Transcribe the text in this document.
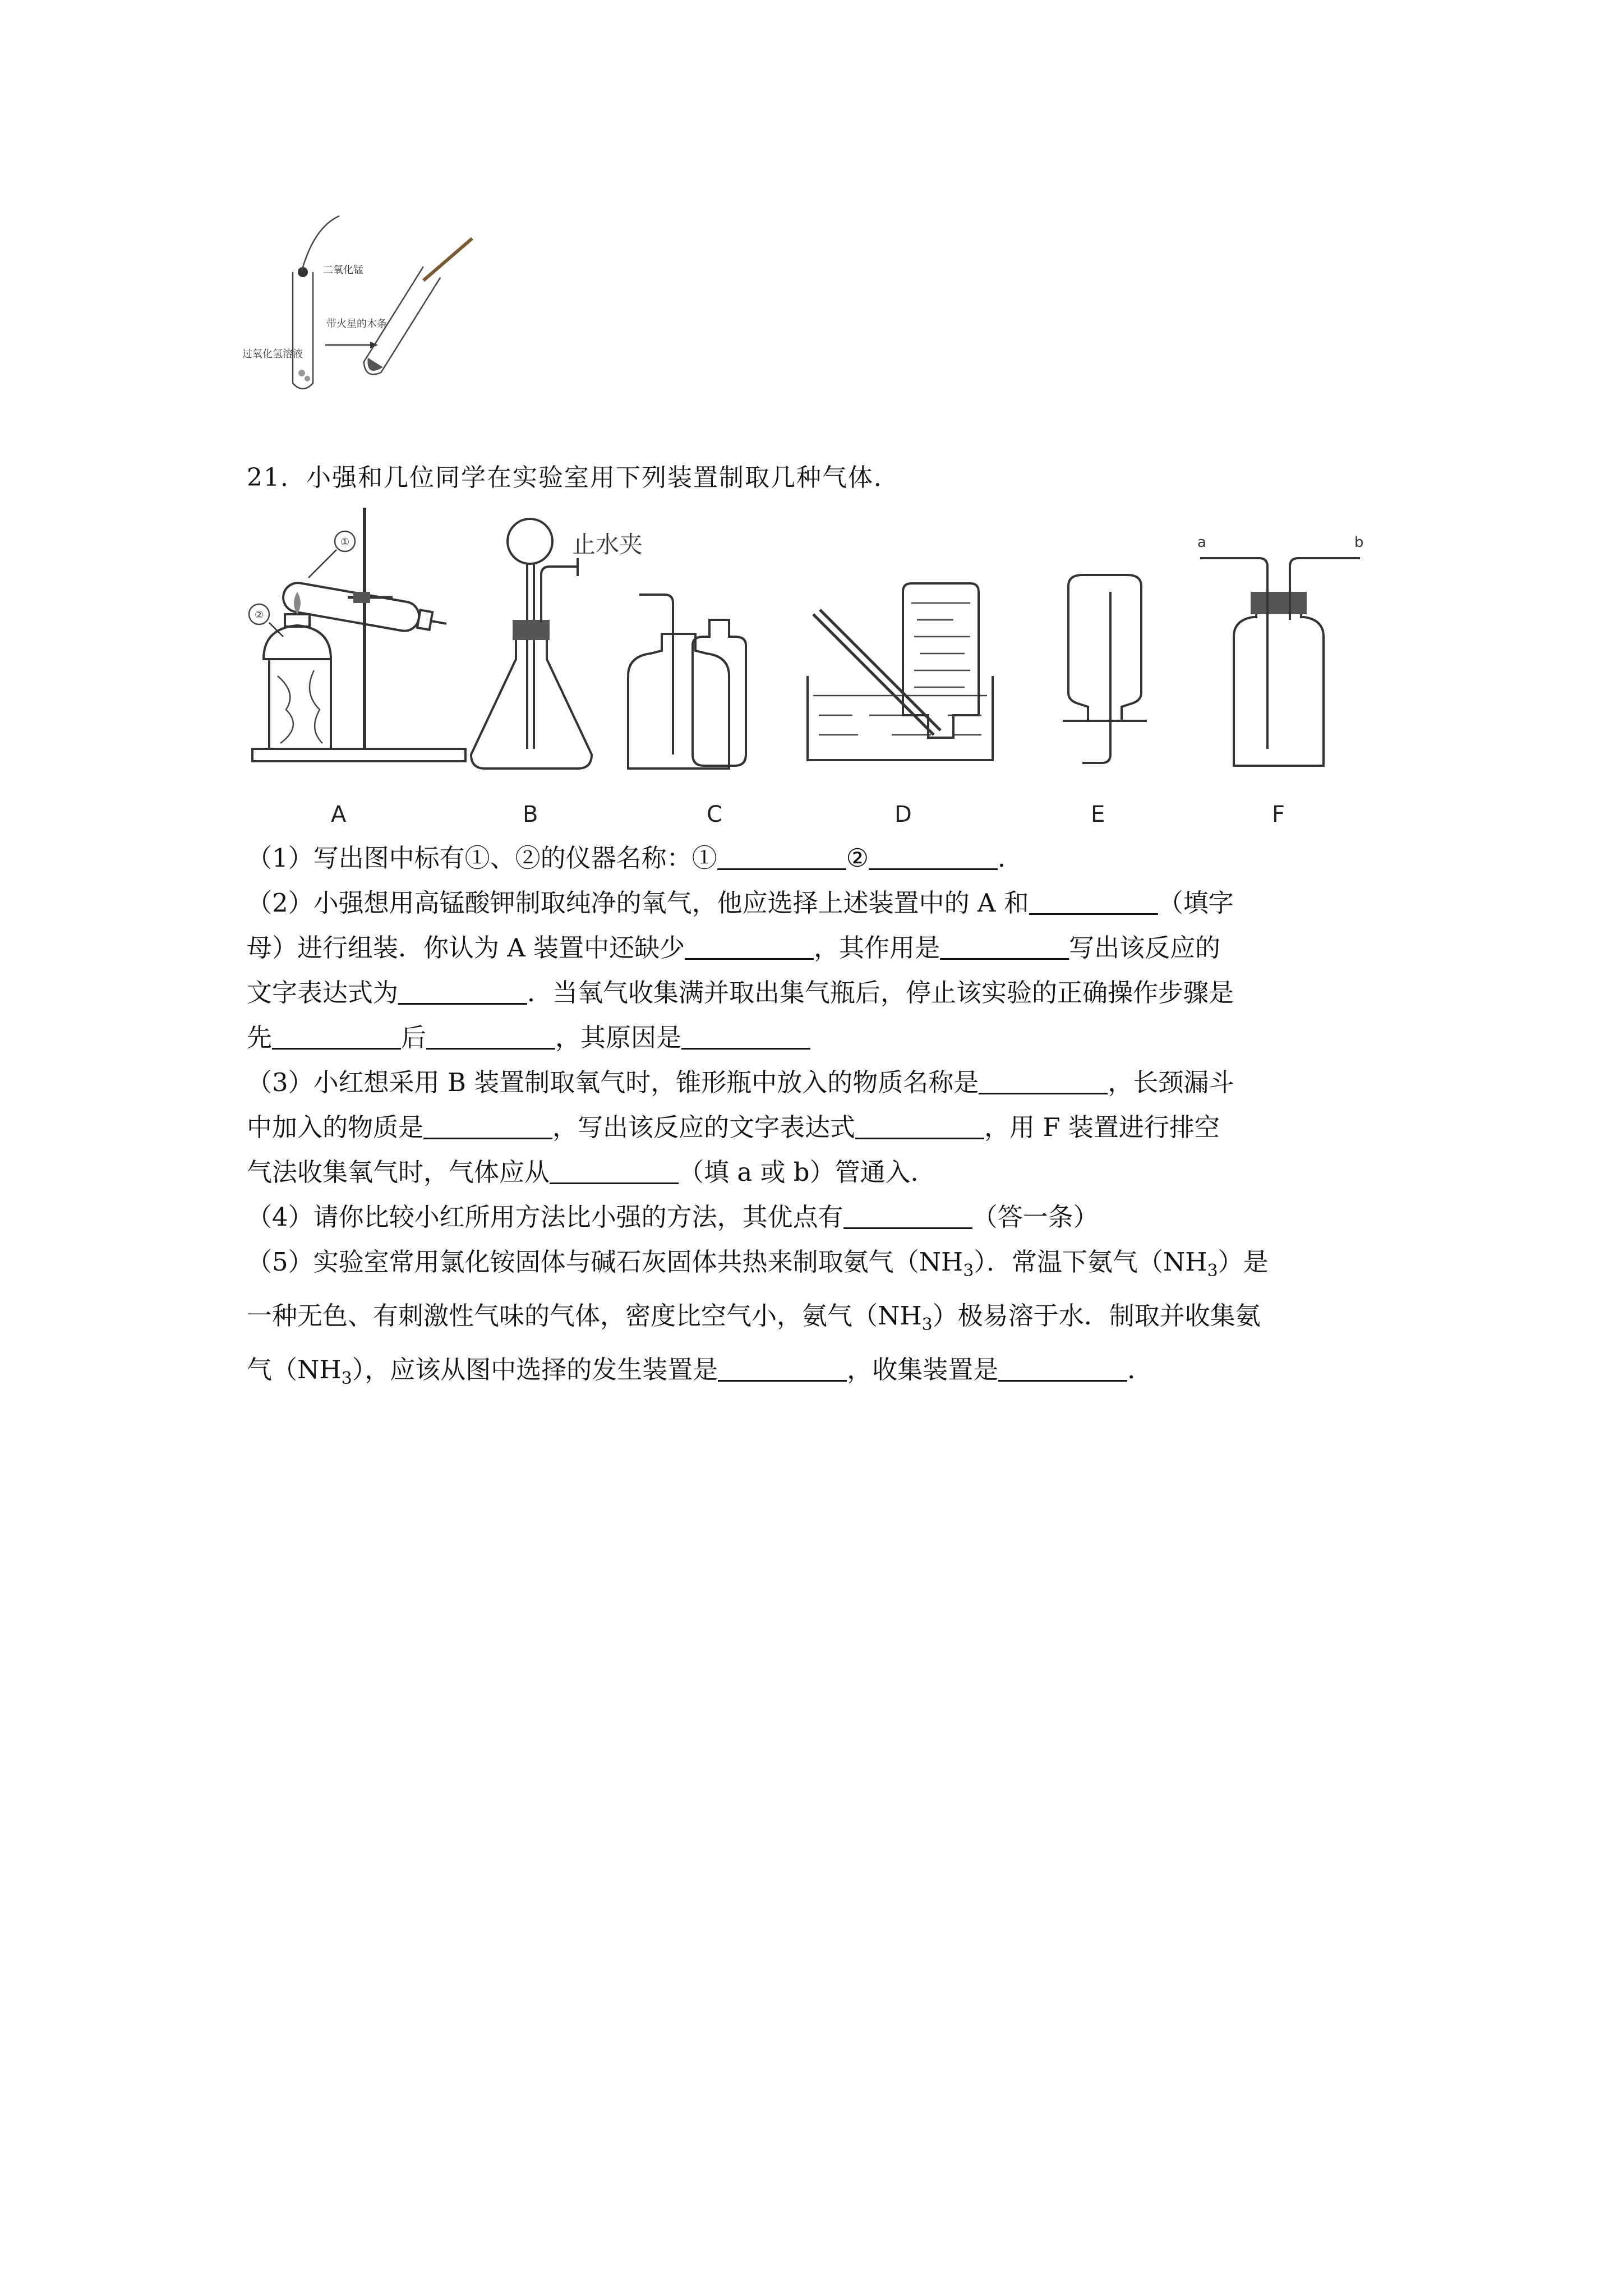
二氧化锰
带火星的木条
过氧化氢溶液
21．小强和几位同学在实验室用下列装置制取几种气体．
①
②
A
止水夹
B	C	D	E
a	b
F

（1）写出图中标有①、②的仪器名称：①	②	．

（2）小强想用高锰酸钾制取纯净的氧气，他应选择上述装置中的 A 和	（填字
母）进行组装．你认为 A 装置中还缺少	，其作用是	写出该反应的
文字表达式为	．当氧气收集满并取出集气瓶后，停止该实验的正确操作步骤是
先	后	，其原因是

（3）小红想采用 B 装置制取氧气时，锥形瓶中放入的物质名称是	，长颈漏斗
中加入的物质是	，写出该反应的文字表达式	，用 F 装置进行排空
气法收集氧气时，气体应从	（填 a 或 b）管通入．

（4）请你比较小红所用方法比小强的方法，其优点有	（答一条）

（5）实验室常用氯化铵固体与碱石灰固体共热来制取氨气$(NH_3)$．常温下氨气$(NH_3)$是
一种无色、有刺激性气味的气体，密度比空气小，氨气$(NH_3)$极易溶于水．制取并收集氨
气$(NH_3)$，应该从图中选择的发生装置是	，收集装置是	．
